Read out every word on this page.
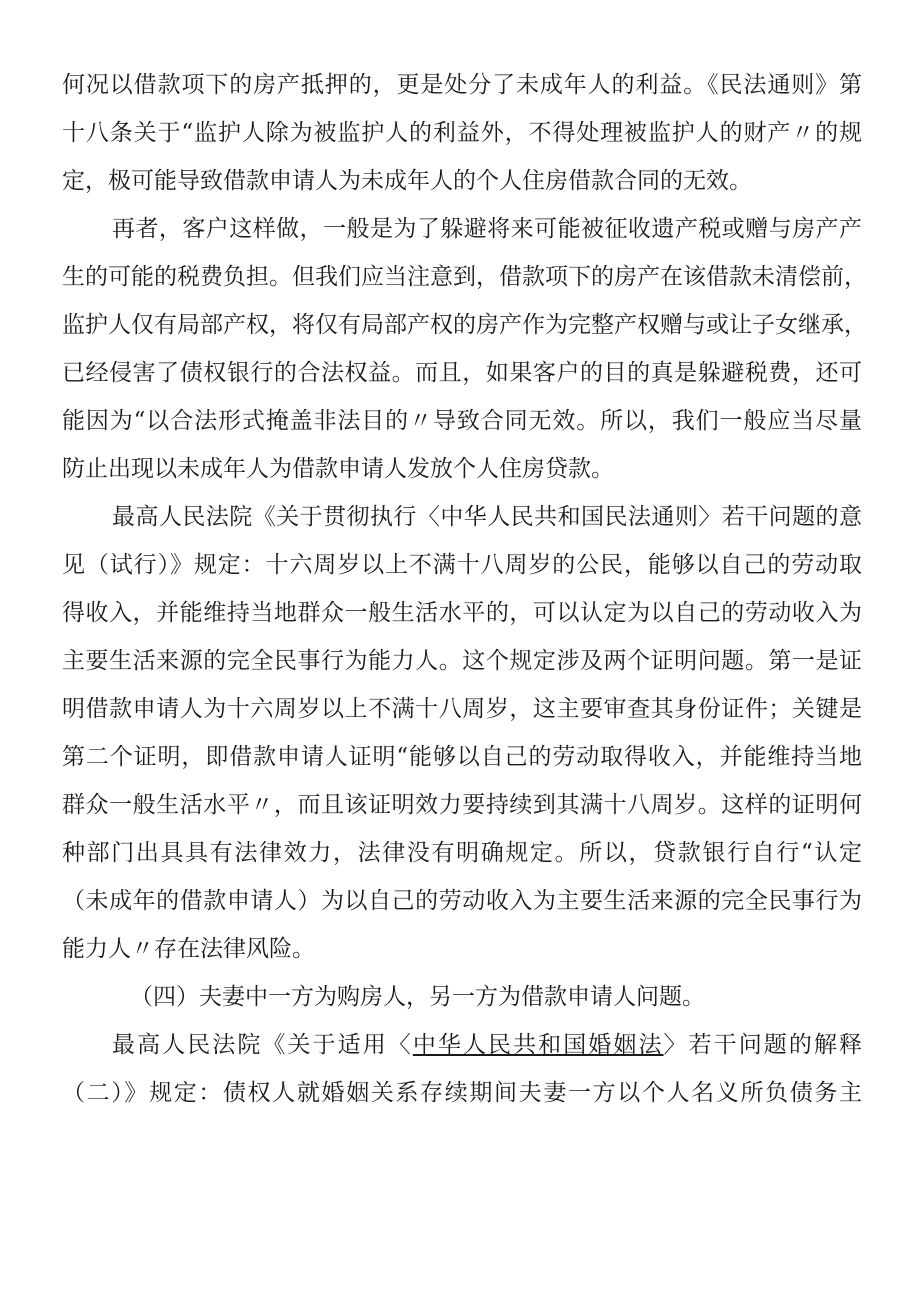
何况以借款项下的房产抵押的，更是处分了未成年人的利益。《民法通则》第
十八条关于“监护人除为被监护人的利益外，不得处理被监护人的财产〃的规
定，极可能导致借款申请人为未成年人的个人住房借款合同的无效。
再者，客户这样做，一般是为了躲避将来可能被征收遗产税或赠与房产产
生的可能的税费负担。但我们应当注意到，借款项下的房产在该借款未清偿前，
监护人仅有局部产权，将仅有局部产权的房产作为完整产权赠与或让子女继承，
已经侵害了债权银行的合法权益。而且，如果客户的目的真是躲避税费，还可
能因为“以合法形式掩盖非法目的〃导致合同无效。所以，我们一般应当尽量
防止出现以未成年人为借款申请人发放个人住房贷款。
最高人民法院《关于贯彻执行〈中华人民共和国民法通则〉若干问题的意
见（试行）》规定：十六周岁以上不满十八周岁的公民，能够以自己的劳动取
得收入，并能维持当地群众一般生活水平的，可以认定为以自己的劳动收入为
主要生活来源的完全民事行为能力人。这个规定涉及两个证明问题。第一是证
明借款申请人为十六周岁以上不满十八周岁，这主要审查其身份证件；关键是
第二个证明，即借款申请人证明“能够以自己的劳动取得收入，并能维持当地
群众一般生活水平〃，而且该证明效力要持续到其满十八周岁。这样的证明何
种部门出具具有法律效力，法律没有明确规定。所以，贷款银行自行“认定
（未成年的借款申请人）为以自己的劳动收入为主要生活来源的完全民事行为
能力人〃存在法律风险。
（四）夫妻中一方为购房人，另一方为借款申请人问题。
最高人民法院《关于适用〈中华人民共和国婚姻法〉若干问题的解释
（二）》规定：债权人就婚姻关系存续期间夫妻一方以个人名义所负债务主
